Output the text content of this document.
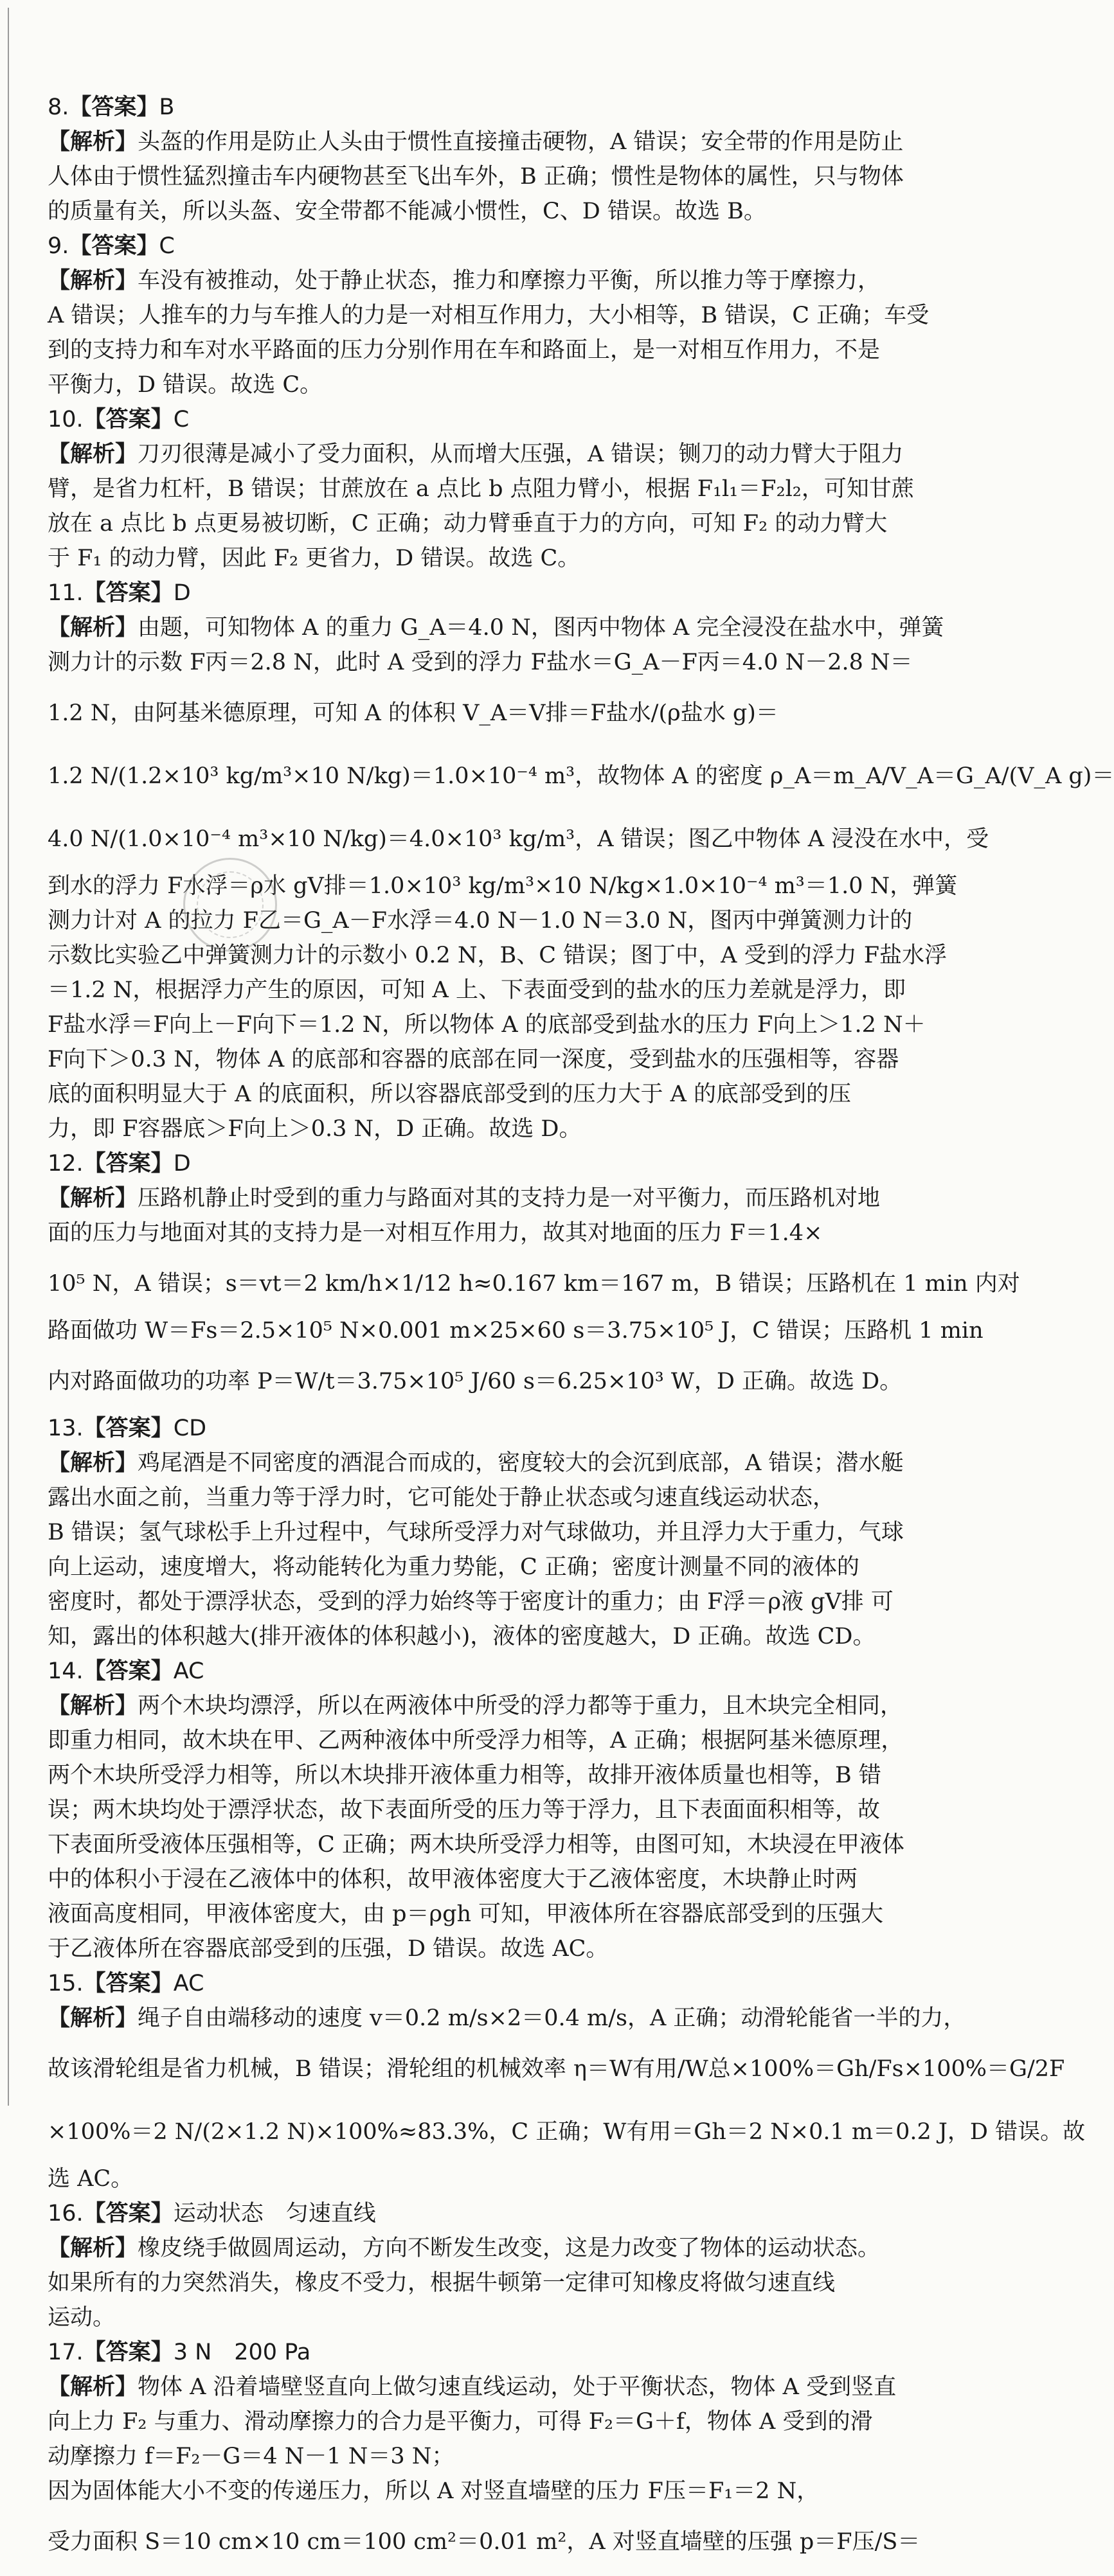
8.【答案】B
【解析】头盔的作用是防止人头由于惯性直接撞击硬物，A 错误；安全带的作用是防止
人体由于惯性猛烈撞击车内硬物甚至飞出车外，B 正确；惯性是物体的属性，只与物体
的质量有关，所以头盔、安全带都不能减小惯性，C、D 错误。故选 B。
9.【答案】C
【解析】车没有被推动，处于静止状态，推力和摩擦力平衡，所以推力等于摩擦力，
A 错误；人推车的力与车推人的力是一对相互作用力，大小相等，B 错误，C 正确；车受
到的支持力和车对水平路面的压力分别作用在车和路面上，是一对相互作用力，不是
平衡力，D 错误。故选 C。
10.【答案】C
【解析】刀刃很薄是减小了受力面积，从而增大压强，A 错误；铡刀的动力臂大于阻力
臂，是省力杠杆，B 错误；甘蔗放在 a 点比 b 点阻力臂小，根据 F₁l₁＝F₂l₂，可知甘蔗
放在 a 点比 b 点更易被切断，C 正确；动力臂垂直于力的方向，可知 F₂ 的动力臂大
于 F₁ 的动力臂，因此 F₂ 更省力，D 错误。故选 C。
11.【答案】D
【解析】由题，可知物体 A 的重力 G_A＝4.0 N，图丙中物体 A 完全浸没在盐水中，弹簧
测力计的示数 F丙＝2.8 N，此时 A 受到的浮力 F盐水＝G_A－F丙＝4.0 N－2.8 N＝
1.2 N，由阿基米德原理，可知 A 的体积 V_A＝V排＝F盐水/(ρ盐水 g)＝
1.2 N/(1.2×10³ kg/m³×10 N/kg)＝1.0×10⁻⁴ m³，故物体 A 的密度 ρ_A＝m_A/V_A＝G_A/(V_A g)＝
4.0 N/(1.0×10⁻⁴ m³×10 N/kg)＝4.0×10³ kg/m³，A 错误；图乙中物体 A 浸没在水中，受
到水的浮力 F水浮＝ρ水 gV排＝1.0×10³ kg/m³×10 N/kg×1.0×10⁻⁴ m³＝1.0 N，弹簧
测力计对 A 的拉力 F乙＝G_A－F水浮＝4.0 N－1.0 N＝3.0 N，图丙中弹簧测力计的
示数比实验乙中弹簧测力计的示数小 0.2 N，B、C 错误；图丁中，A 受到的浮力 F盐水浮
＝1.2 N，根据浮力产生的原因，可知 A 上、下表面受到的盐水的压力差就是浮力，即
F盐水浮＝F向上－F向下＝1.2 N，所以物体 A 的底部受到盐水的压力 F向上＞1.2 N＋
F向下＞0.3 N，物体 A 的底部和容器的底部在同一深度，受到盐水的压强相等，容器
底的面积明显大于 A 的底面积，所以容器底部受到的压力大于 A 的底部受到的压
力，即 F容器底＞F向上＞0.3 N，D 正确。故选 D。
12.【答案】D
【解析】压路机静止时受到的重力与路面对其的支持力是一对平衡力，而压路机对地
面的压力与地面对其的支持力是一对相互作用力，故其对地面的压力 F＝1.4×
10⁵ N，A 错误；s＝vt＝2 km/h×1/12 h≈0.167 km＝167 m，B 错误；压路机在 1 min 内对
路面做功 W＝Fs＝2.5×10⁵ N×0.001 m×25×60 s＝3.75×10⁵ J，C 错误；压路机 1 min
内对路面做功的功率 P＝W/t＝3.75×10⁵ J/60 s＝6.25×10³ W，D 正确。故选 D。
13.【答案】CD
【解析】鸡尾酒是不同密度的酒混合而成的，密度较大的会沉到底部，A 错误；潜水艇
露出水面之前，当重力等于浮力时，它可能处于静止状态或匀速直线运动状态，
B 错误；氢气球松手上升过程中，气球所受浮力对气球做功，并且浮力大于重力，气球
向上运动，速度增大，将动能转化为重力势能，C 正确；密度计测量不同的液体的
密度时，都处于漂浮状态，受到的浮力始终等于密度计的重力；由 F浮＝ρ液 gV排 可
知，露出的体积越大(排开液体的体积越小)，液体的密度越大，D 正确。故选 CD。
14.【答案】AC
【解析】两个木块均漂浮，所以在两液体中所受的浮力都等于重力，且木块完全相同，
即重力相同，故木块在甲、乙两种液体中所受浮力相等，A 正确；根据阿基米德原理，
两个木块所受浮力相等，所以木块排开液体重力相等，故排开液体质量也相等，B 错
误；两木块均处于漂浮状态，故下表面所受的压力等于浮力，且下表面面积相等，故
下表面所受液体压强相等，C 正确；两木块所受浮力相等，由图可知，木块浸在甲液体
中的体积小于浸在乙液体中的体积，故甲液体密度大于乙液体密度，木块静止时两
液面高度相同，甲液体密度大，由 p＝ρgh 可知，甲液体所在容器底部受到的压强大
于乙液体所在容器底部受到的压强，D 错误。故选 AC。
15.【答案】AC
【解析】绳子自由端移动的速度 v＝0.2 m/s×2＝0.4 m/s，A 正确；动滑轮能省一半的力，
故该滑轮组是省力机械，B 错误；滑轮组的机械效率 η＝W有用/W总×100%＝Gh/Fs×100%＝G/2F
×100%＝2 N/(2×1.2 N)×100%≈83.3%，C 正确；W有用＝Gh＝2 N×0.1 m＝0.2 J，D 错误。故
选 AC。
16.【答案】运动状态　匀速直线
【解析】橡皮绕手做圆周运动，方向不断发生改变，这是力改变了物体的运动状态。
如果所有的力突然消失，橡皮不受力，根据牛顿第一定律可知橡皮将做匀速直线
运动。
17.【答案】3 N　200 Pa
【解析】物体 A 沿着墙壁竖直向上做匀速直线运动，处于平衡状态，物体 A 受到竖直
向上力 F₂ 与重力、滑动摩擦力的合力是平衡力，可得 F₂＝G＋f，物体 A 受到的滑
动摩擦力 f＝F₂－G＝4 N－1 N＝3 N；
因为固体能大小不变的传递压力，所以 A 对竖直墙壁的压力 F压＝F₁＝2 N，
受力面积 S＝10 cm×10 cm＝100 cm²＝0.01 m²，A 对竖直墙壁的压强 p＝F压/S＝
